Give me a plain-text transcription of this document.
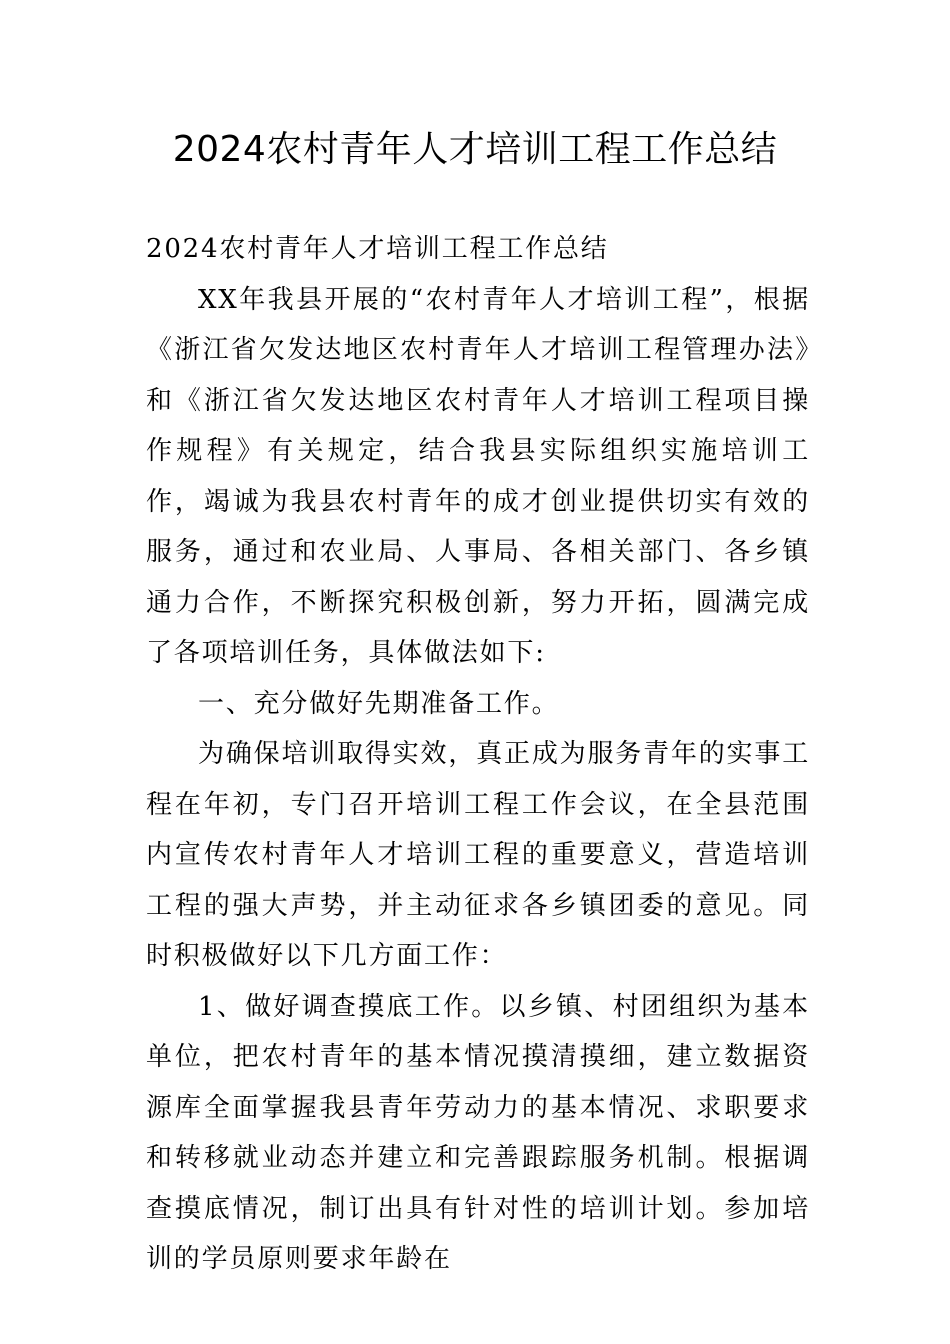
2024农村青年人才培训工程工作总结

2024农村青年人才培训工程工作总结

XX年我县开展的“农村青年人才培训工程”，根据《浙江省欠发达地区农村青年人才培训工程管理办法》和《浙江省欠发达地区农村青年人才培训工程项目操作规程》有关规定，结合我县实际组织实施培训工作，竭诚为我县农村青年的成才创业提供切实有效的服务，通过和农业局、人事局、各相关部门、各乡镇通力合作，不断探究积极创新，努力开拓，圆满完成了各项培训任务，具体做法如下:

一、充分做好先期准备工作。

为确保培训取得实效，真正成为服务青年的实事工程在年初，专门召开培训工程工作会议，在全县范围内宣传农村青年人才培训工程的重要意义，营造培训工程的强大声势，并主动征求各乡镇团委的意见。同时积极做好以下几方面工作：

1、做好调查摸底工作。以乡镇、村团组织为基本单位，把农村青年的基本情况摸清摸细，建立数据资源库全面掌握我县青年劳动力的基本情况、求职要求和转移就业动态并建立和完善跟踪服务机制。根据调查摸底情况，制订出具有针对性的培训计划。参加培训的学员原则要求年龄在
